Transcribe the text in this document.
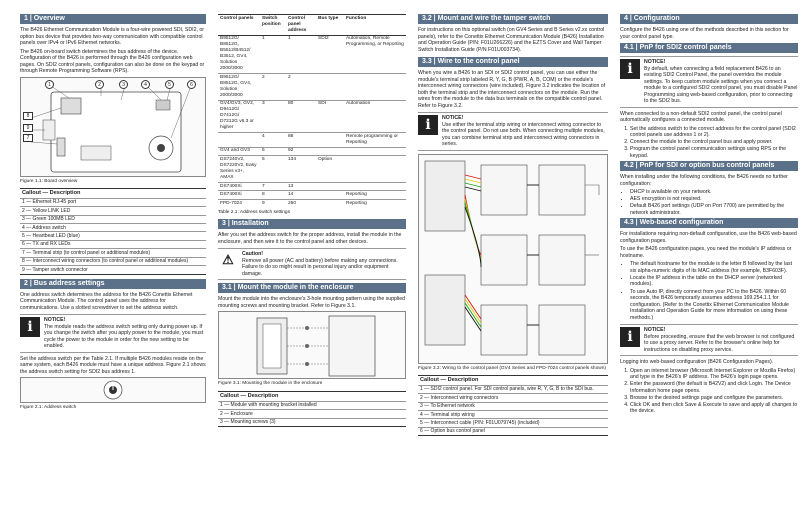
1 | Overview

The B426 Ethernet Communication Module is a four-wire powered SDI, SDI2, or option bus device that provides two-way communication with compatible control panels over IPv4 or IPv6 Ethernet networks.

The B426 on-board switch determines the bus address of the device. Configuration of the B426 is performed through the B426 configuration web pages. On SDI2 control panels, configuration can also be done on the keypad or through Remote Programming Software (RPS).

1	2	3	4	5	6
7
8
9
Figure 1.1: Board overview
Callout — Description
1 — Ethernet RJ-45 port
2 — Yellow LINK LED
3 — Green 100MB LED
4 — Address switch
5 — Heartbeat LED (blue)
6 — TX and RX LEDs
7 — Terminal strip (to control panel or additional modules)
8 — Interconnect wiring connectors (to control panel or additional modules)
9 — Tamper switch connector
2 | Bus address settings

One address switch determines the address for the B426 Conettix Ethernet Communication Module. The control panel uses the address for communications. Use a slotted screwdriver to set the address switch.

i	NOTICE!
The module reads the address switch setting only during power up. If you change the switch after you apply power to the module, you must cycle the power to the module in order for the new setting to be enabled.

Set the address switch per the Table 2.1. If multiple B426 modules reside on the same system, each B426 module must have a unique address. Figure 2.1 shows the address switch setting for SDI2 bus address 1.

Figure 2.1: Address switch
Control panels	Switch position	Control panel address	Bus type	Function
B9512G/ B8512G, B5512/B4512/ B3512, GV4, Solution 2000/3000	1	1	SDI2	Automation, Remote Programming, or Reporting
B9512G/ B8512G, GV4, Solution 2000/3000	2	2		
GV4/GV3, GV2, D9412G/ D7412G/ D7212G v6.3 or higher	3	80	SDI	Automation
	4	88		Remote programming or Reporting
GV4 and GV3	5	92		
DS7240V2, DS7220V2, Easy Series v3+, AMAX	6	134	Option	
DS7400Xi	7	13		
DS7400Xi	8	14		Reporting
FPD-7024	9	250		Reporting
Table 2.1: Address switch settings
3 | Installation

After you set the address switch for the proper address, install the module in the enclosure, and then wire it to the control panel and other devices.

⚠	Caution!
Remove all power (AC and battery) before making any connections. Failure to do so might result in personal injury and/or equipment damage.
3.1 | Mount the module in the enclosure

Mount the module into the enclosure's 3-hole mounting pattern using the supplied mounting screws and mounting bracket. Refer to Figure 3.1.

Figure 3.1: Mounting the module in the enclosure
Callout — Description
1 — Module with mounting bracket installed
2 — Enclosure
3 — Mounting screws (3)
3.2 | Mount and wire the tamper switch

For instructions on this optional switch (on GV4 Series and B Series v2.xx control panels), refer to the Conettix Ethernet Communication Module (B426) Installation and Operation Guide (P/N: F01U266226) and the EZTS Cover and Wall Tamper Switch Installation Guide (P/N F01U003734).

3.3 | Wire to the control panel

When you wire a B426 to an SDI or SDI2 control panel, you can use either the module's terminal strip labeled R, Y, G, B (PWR, A, B, COM) or the module's interconnect wiring connectors (wire included). Figure 3.2 indicates the location of both the terminal strip and the interconnect connectors on the module. Run the wires from the module to the data bus terminals on the compatible control panel. Refer to Figure 3.2.

i	NOTICE!
Use either the terminal strip wiring or interconnect wiring connector to the control panel. Do not use both. When connecting multiple modules, you can combine terminal strip and interconnect wiring connectors in series.
Figure 3.2: Wiring to the control panel (GV4 Series and FPD-7024 control panels shown)
Callout — Description
1 — SDI2 control panel. For SDI control panels, wire R, Y, G, B to the SDI bus.
2 — Interconnect wiring connectors
3 — To Ethernet network
4 — Terminal strip wiring
5 — Interconnect cable (P/N: F01U079745) (included)
6 — Option bus control panel
4 | Configuration

Configure the B426 using one of the methods described in this section for your control panel type.

4.1 | PnP for SDI2 control panels
i	NOTICE!
By default, when connecting a field replacement B426 to an existing SDI2 Control Panel, the panel overrides the module settings. To keep custom module settings when you connect a module to a configured SDI2 control panel, you must disable Panel Programming using web-based configuration, prior to connecting to the SDI2 bus.

When connected to a non-default SDI2 control panel, the control panel automatically configures a connected module.

1. Set the address switch to the correct address for the control panel (SDI2 control panels use address 1 or 2).
2. Connect the module to the control panel bus and apply power.
3. Program the control panel communication settings using RPS or the keypad.
4.2 | PnP for SDI or option bus control panels

When installing under the following conditions, the B426 needs no further configuration:

• DHCP is available on your network.
• AES encryption is not required.
• Default B426 port settings (UDP on Port 7700) are permitted by the network administrator.
4.3 | Web-based configuration

For installations requiring non-default configuration, use the B426 web-based configuration pages.

To use the B426 configuration pages, you need the module's IP address or hostname.

• The default hostname for the module is the letter B followed by the last six alpha-numeric digits of its MAC address (for example, B3F603F).
• Locate the IP address in the table on the DHCP server (networked modules).
• To use Auto IP, directly connect from your PC to the B426. Within 60 seconds, the B426 temporarily assumes address 169.254.1.1 for configuration. (Refer to the Conettix Ethernet Communication Module Installation and Operation Guide for more information on using these methods.)
i	NOTICE!
Before proceeding, ensure that the web browser is not configured to use a proxy server. Refer to the browser's online help for instructions on disabling proxy service.

Logging into web-based configuration (B426 Configuration Pages).

1. Open an internet browser (Microsoft Internet Explorer or Mozilla Firefox) and type in the B426's IP address. The B426's login page opens.
2. Enter the password (the default is B42V2) and click Login. The Device Information home page opens.
3. Browse to the desired settings page and configure the parameters.
4. Click OK and then click Save & Execute to save and apply all changes to the device.
